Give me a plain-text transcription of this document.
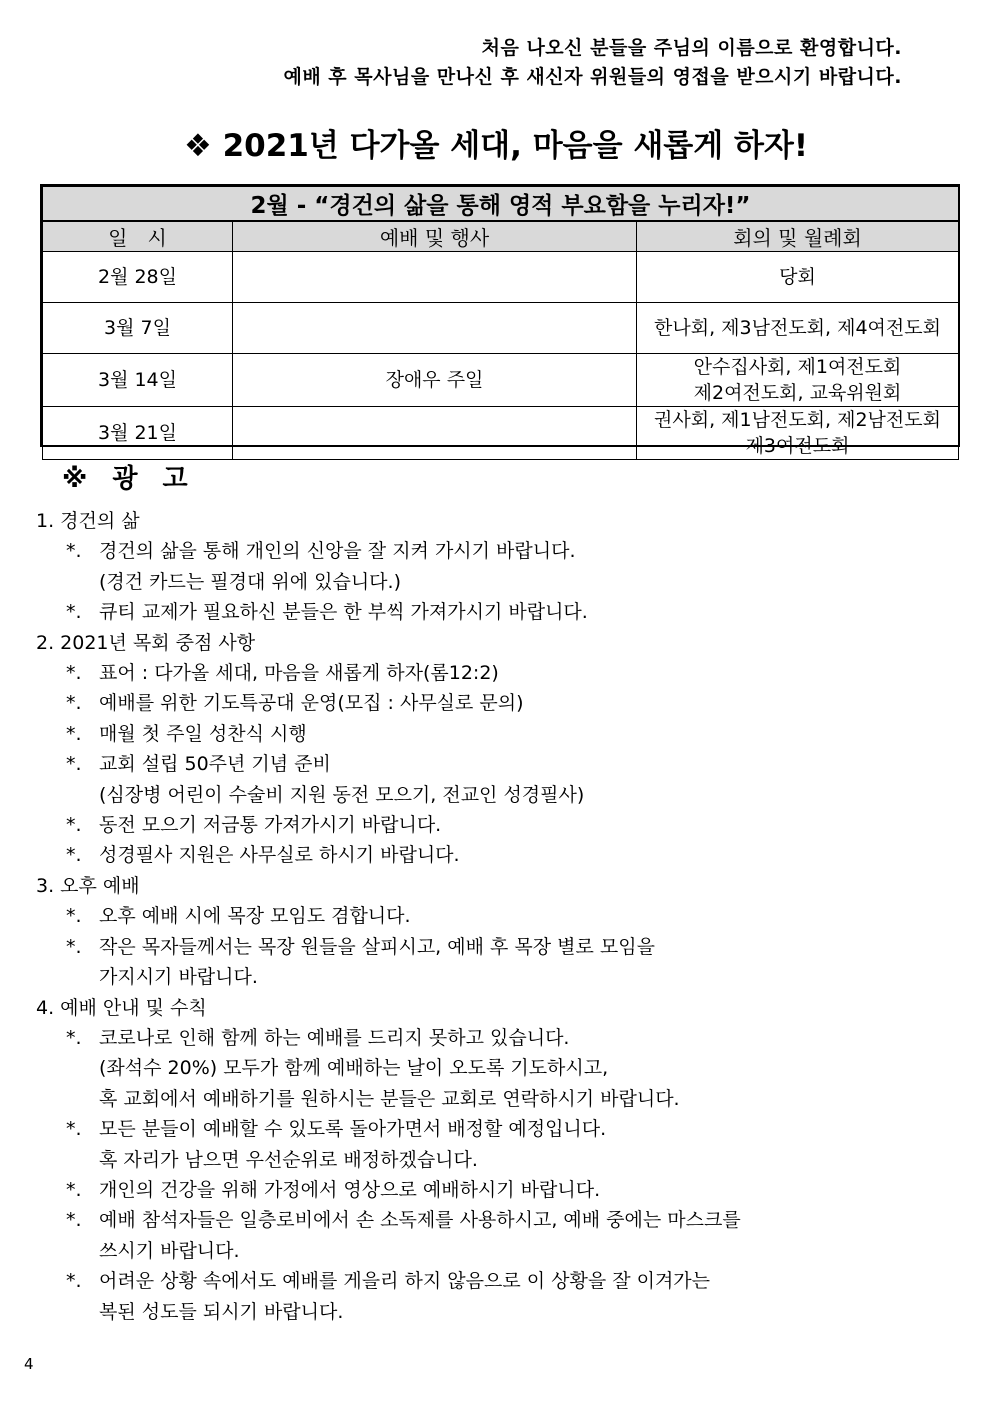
처음 나오신 분들을 주님의 이름으로 환영합니다.
예배 후 목사님을 만나신 후 새신자 위원들의 영접을 받으시기 바랍니다.
❖ 2021년 다가올 세대, 마음을 새롭게 하자!
2월 - “경건의 삶을 통해 영적 부요함을 누리자!”		
일　시	예배 및 행사	회의 및 월례회
2월 28일		당회

3월 7일		한나회, 제3남전도회, 제4여전도회

3월 14일	장애우 주일	안수집사회, 제1여전도회
제2여전도회, 교육위원회

3월 21일		권사회, 제1남전도회, 제2남전도회
제3여전도회
※ 광 고
1. 경건의 삶
*. 경건의 삶을 통해 개인의 신앙을 잘 지켜 가시기 바랍니다.
(경건 카드는 필경대 위에 있습니다.)
*. 큐티 교제가 필요하신 분들은 한 부씩 가져가시기 바랍니다.
2. 2021년 목회 중점 사항
*. 표어 : 다가올 세대, 마음을 새롭게 하자(롬12:2)
*. 예배를 위한 기도특공대 운영(모집 : 사무실로 문의)
*. 매월 첫 주일 성찬식 시행
*. 교회 설립 50주년 기념 준비
(심장병 어린이 수술비 지원 동전 모으기, 전교인 성경필사)
*. 동전 모으기 저금통 가져가시기 바랍니다.
*. 성경필사 지원은 사무실로 하시기 바랍니다.
3. 오후 예배
*. 오후 예배 시에 목장 모임도 겸합니다.
*. 작은 목자들께서는 목장 원들을 살피시고, 예배 후 목장 별로 모임을
가지시기 바랍니다.
4. 예배 안내 및 수칙
*. 코로나로 인해 함께 하는 예배를 드리지 못하고 있습니다.
(좌석수 20%) 모두가 함께 예배하는 날이 오도록 기도하시고,
혹 교회에서 예배하기를 원하시는 분들은 교회로 연락하시기 바랍니다.
*. 모든 분들이 예배할 수 있도록 돌아가면서 배정할 예정입니다.
혹 자리가 남으면 우선순위로 배정하겠습니다.
*. 개인의 건강을 위해 가정에서 영상으로 예배하시기 바랍니다.
*. 예배 참석자들은 일층로비에서 손 소독제를 사용하시고, 예배 중에는 마스크를
쓰시기 바랍니다.
*. 어려운 상황 속에서도 예배를 게을리 하지 않음으로 이 상황을 잘 이겨가는
복된 성도들 되시기 바랍니다.
4
